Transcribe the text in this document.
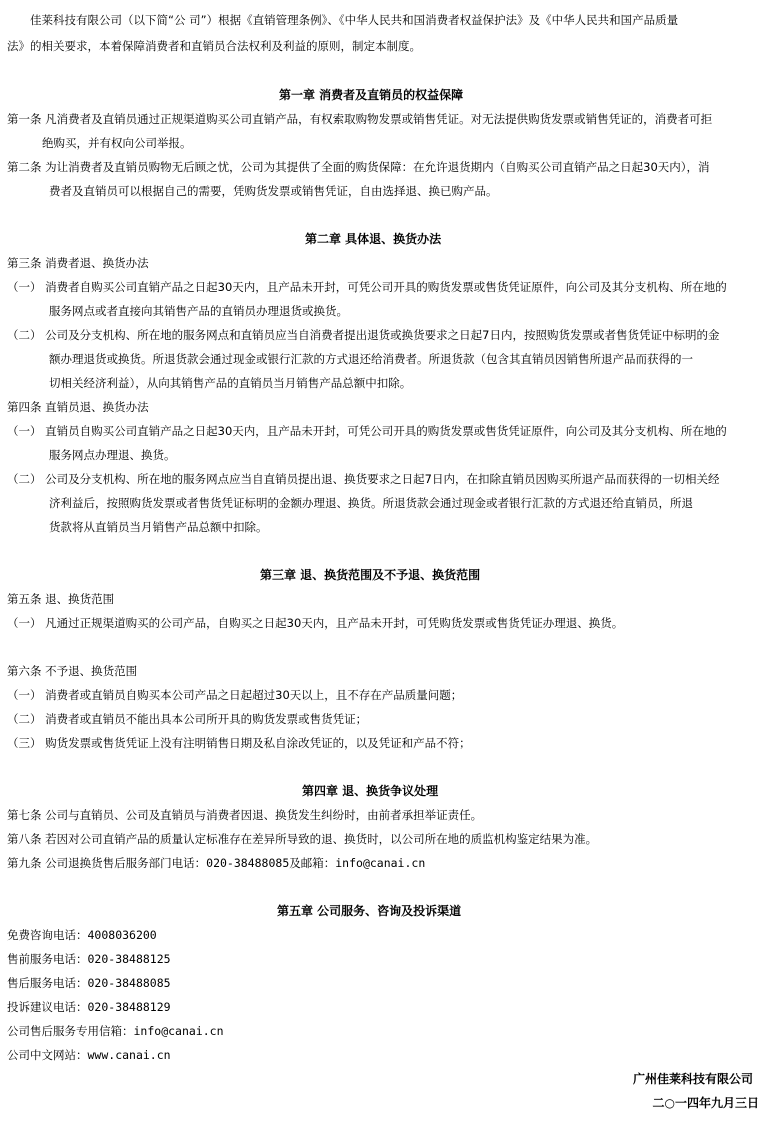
佳莱科技有限公司（以下简“公 司”）根据《直销管理条例》、《中华人民共和国消费者权益保护法》及《中华人民共和国产品质量
法》的相关要求，本着保障消费者和直销员合法权利及利益的原则，制定本制度。
第一章 消费者及直销员的权益保障
第一条 凡消费者及直销员通过正规渠道购买公司直销产品，有权索取购物发票或销售凭证。对无法提供购货发票或销售凭证的，消费者可拒
绝购买，并有权向公司举报。
第二条 为让消费者及直销员购物无后顾之忧，公司为其提供了全面的购货保障：在允许退货期内（自购买公司直销产品之日起30天内），消
费者及直销员可以根据自己的需要，凭购货发票或销售凭证，自由选择退、换已购产品。
第二章 具体退、换货办法
第三条 消费者退、换货办法
（一） 消费者自购买公司直销产品之日起30天内，且产品未开封，可凭公司开具的购货发票或售货凭证原件，向公司及其分支机构、所在地的
服务网点或者直接向其销售产品的直销员办理退货或换货。
（二） 公司及分支机构、所在地的服务网点和直销员应当自消费者提出退货或换货要求之日起7日内，按照购货发票或者售货凭证中标明的金
额办理退货或换货。所退货款会通过现金或银行汇款的方式退还给消费者。所退货款（包含其直销员因销售所退产品而获得的一
切相关经济利益），从向其销售产品的直销员当月销售产品总额中扣除。
第四条 直销员退、换货办法
（一） 直销员自购买公司直销产品之日起30天内，且产品未开封，可凭公司开具的购货发票或售货凭证原件，向公司及其分支机构、所在地的
服务网点办理退、换货。
（二） 公司及分支机构、所在地的服务网点应当自直销员提出退、换货要求之日起7日内，在扣除直销员因购买所退产品而获得的一切相关经
济利益后，按照购货发票或者售货凭证标明的金额办理退、换货。所退货款会通过现金或者银行汇款的方式退还给直销员，所退
货款将从直销员当月销售产品总额中扣除。
第三章 退、换货范围及不予退、换货范围
第五条 退、换货范围
（一） 凡通过正规渠道购买的公司产品，自购买之日起30天内，且产品未开封，可凭购货发票或售货凭证办理退、换货。
第六条 不予退、换货范围
（一） 消费者或直销员自购买本公司产品之日起超过30天以上，且不存在产品质量问题；
（二） 消费者或直销员不能出具本公司所开具的购货发票或售货凭证；
（三） 购货发票或售货凭证上没有注明销售日期及私自涂改凭证的，以及凭证和产品不符；
第四章 退、换货争议处理
第七条 公司与直销员、公司及直销员与消费者因退、换货发生纠纷时，由前者承担举证责任。
第八条 若因对公司直销产品的质量认定标准存在差异所导致的退、换货时，以公司所在地的质监机构鉴定结果为准。
第九条 公司退换货售后服务部门电话：020-38488085及邮箱：info@canai.cn
第五章 公司服务、咨询及投诉渠道
免费咨询电话：4008036200
售前服务电话：020-38488125
售后服务电话：020-38488085
投诉建议电话：020-38488129
公司售后服务专用信箱：info@canai.cn
公司中文网站：www.canai.cn
广州佳莱科技有限公司
二○一四年九月三日
